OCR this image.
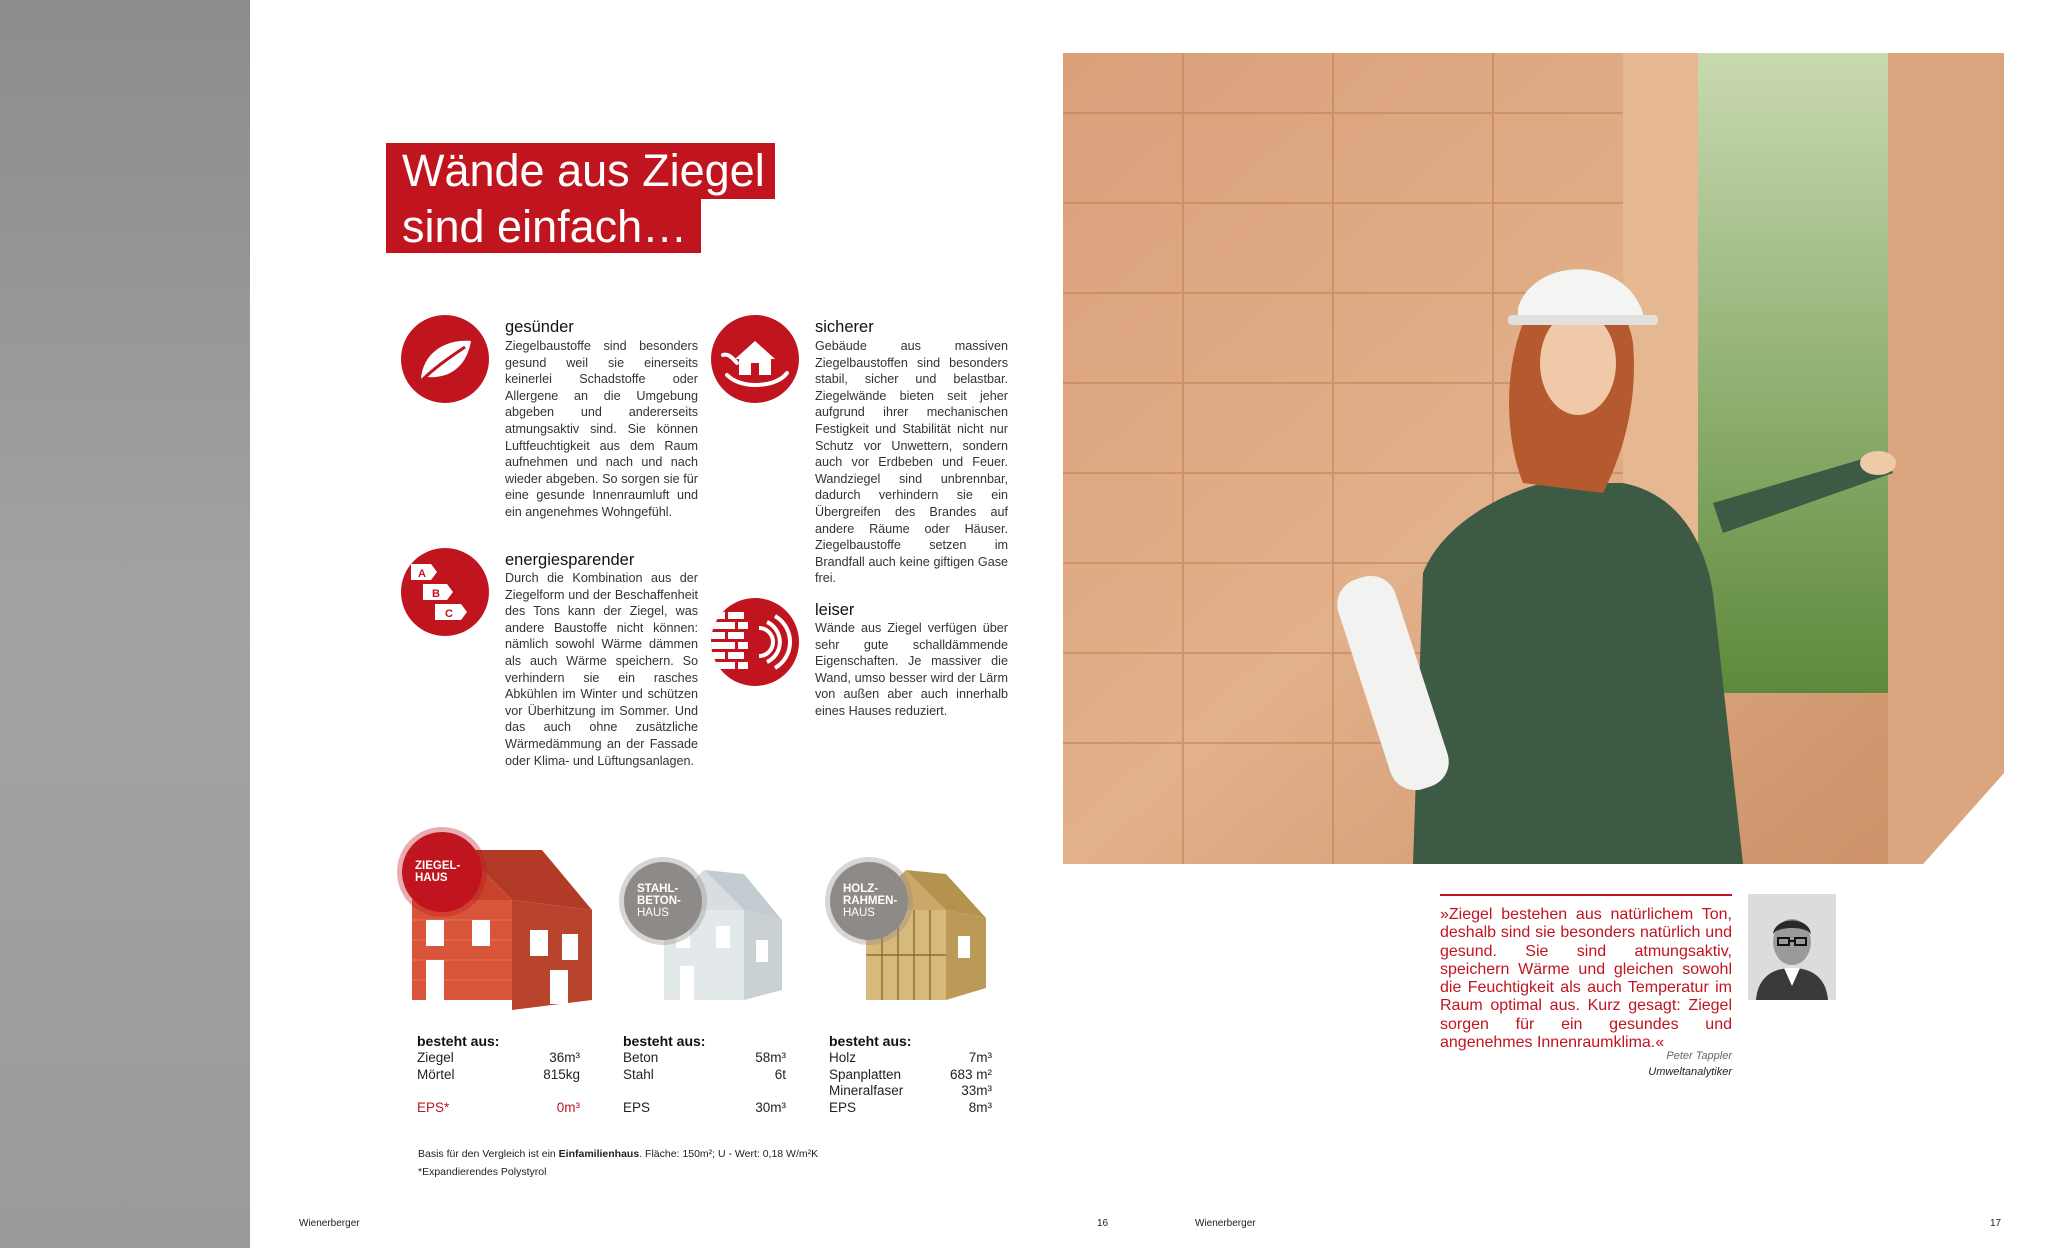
Wände aus Ziegel
sind einfach…
gesünder
Ziegelbaustoffe sind besonders gesund weil sie einerseits keinerlei Schadstoffe oder Allergene an die Umgebung abgeben und andererseits atmungsaktiv sind. Sie können Luftfeuchtigkeit aus dem Raum aufnehmen und nach und nach wieder abgeben. So sorgen sie für eine gesunde Innenraumluft und ein angenehmes Wohngefühl.
A
B
C
energiesparender
Durch die Kombination aus der Ziegelform und der Beschaffenheit des Tons kann der Ziegel, was andere Baustoffe nicht können: nämlich sowohl Wärme dämmen als auch Wärme speichern. So verhindern sie ein rasches Abkühlen im Winter und schützen vor Überhitzung im Sommer. Und das auch ohne zusätzliche Wärmedämmung an der Fassade oder Klima- und Lüftungsanlagen.
sicherer
Gebäude aus massiven Ziegelbaustoffen sind besonders stabil, sicher und belastbar. Ziegelwände bieten seit jeher aufgrund ihrer mechanischen Festigkeit und Stabilität nicht nur Schutz vor Unwettern, sondern auch vor Erdbeben und Feuer. Wandziegel sind unbrennbar, dadurch verhindern sie ein Übergreifen des Brandes auf andere Räume oder Häuser. Ziegelbaustoffe setzen im Brandfall auch keine giftigen Gase frei.
leiser
Wände aus Ziegel verfügen über sehr gute schalldämmende Eigenschaften. Je massiver die Wand, umso besser wird der Lärm von außen aber auch innerhalb eines Hauses reduziert.
ZIEGEL-
HAUS
STAHL-
BETON-
HAUS
HOLZ-
RAHMEN-
HAUS
besteht aus:
Ziegel	36m³
Mörtel	815kg
EPS*	0m³
besteht aus:
Beton	58m³
Stahl	6t
EPS	30m³
besteht aus:
Holz	7m³
Spanplatten	683 m²
Mineralfaser	33m³
EPS	8m³
Basis für den Vergleich ist ein Einfamilienhaus. Fläche: 150m²; U - Wert: 0,18 W/m²K
*Expandierendes Polystyrol
»Ziegel bestehen aus natürlichem Ton, deshalb sind sie besonders natürlich und gesund. Sie sind atmungsaktiv, speichern Wärme und gleichen sowohl die Feuchtigkeit als auch Temperatur im Raum optimal aus. Kurz gesagt: Ziegel sorgen für ein gesundes und angenehmes Innenraumklima.«
Peter Tappler
Umweltanalytiker
Wienerberger	16	Wienerberger	17
